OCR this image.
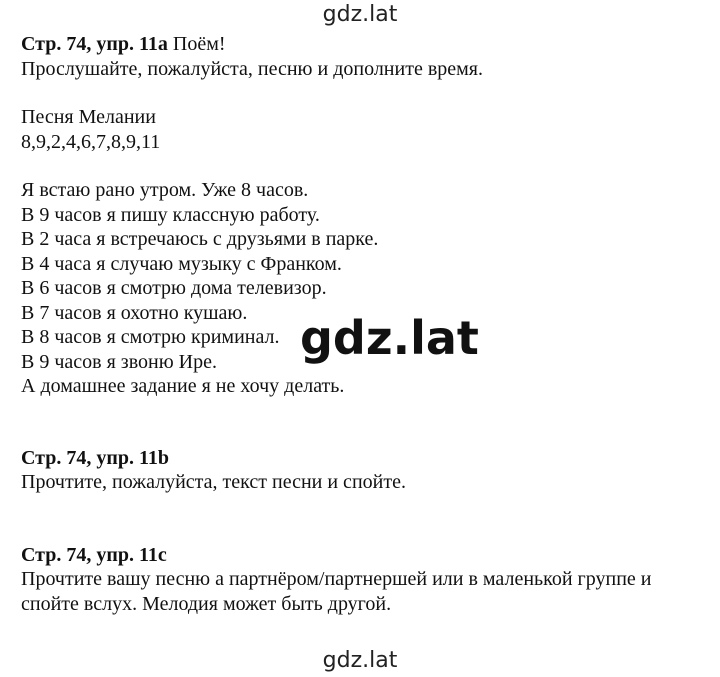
gdz.lat
Стр. 74, упр. 11a Поём!
Прослушайте, пожалуйста, песню и дополните время.
Песня Мелании
8,9,2,4,6,7,8,9,11
Я встаю рано утром. Уже 8 часов.
В 9 часов я пишу классную работу.
В 2 часа я встречаюсь с друзьями в парке.
В 4 часа я случаю музыку с Франком.
В 6 часов я смотрю дома телевизор.
В 7 часов я охотно кушаю.
В 8 часов я смотрю криминал.
В 9 часов я звоню Ире.
А домашнее задание я не хочу делать.
Стр. 74, упр. 11b
Прочтите, пожалуйста, текст песни и спойте.
Стр. 74, упр. 11c
Прочтите вашу песню а партнёром/партнершей или в маленькой группе и
спойте вслух. Мелодия может быть другой.
gdz.lat
gdz.lat
